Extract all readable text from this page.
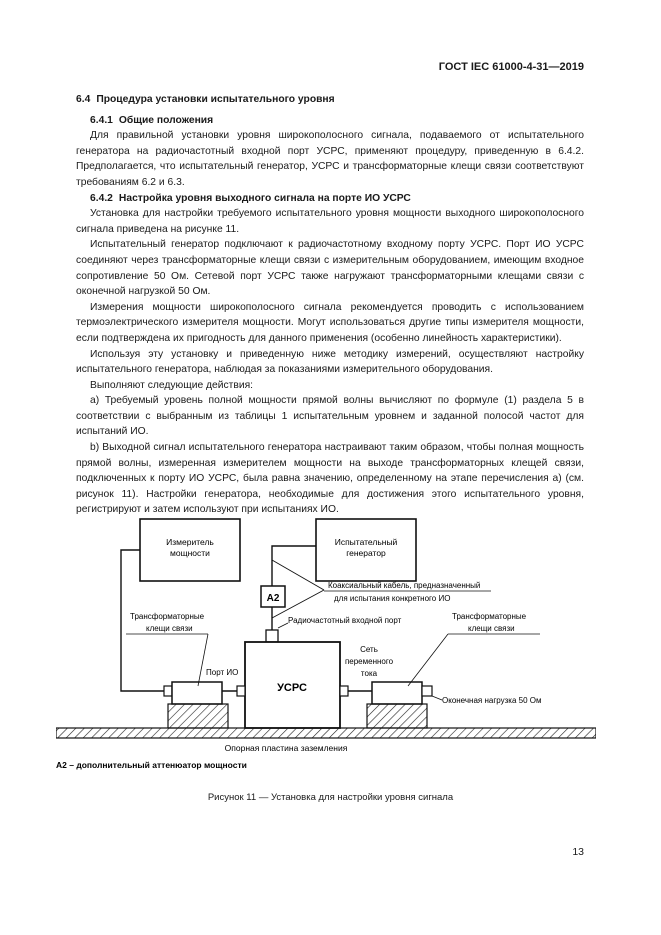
ГОСТ IEC 61000-4-31—2019

6.4 Процедура установки испытательного уровня

6.4.1 Общие положения

Для правильной установки уровня широкополосного сигнала, подаваемого от испытательного генератора на радиочастотный входной порт УСРС, применяют процедуру, приведенную в 6.4.2. Предполагается, что испытательный генератор, УСРС и трансформаторные клещи связи соответствуют требованиям 6.2 и 6.3.

6.4.2 Настройка уровня выходного сигнала на порте ИО УСРС

Установка для настройки требуемого испытательного уровня мощности выходного широкополосного сигнала приведена на рисунке 11.

Испытательный генератор подключают к радиочастотному входному порту УСРС. Порт ИО УСРС соединяют через трансформаторные клещи связи с измерительным оборудованием, имеющим входное сопротивление 50 Ом. Сетевой порт УСРС также нагружают трансформаторными клещами связи с оконечной нагрузкой 50 Ом.

Измерения мощности широкополосного сигнала рекомендуется проводить с использованием термоэлектрического измерителя мощности. Могут использоваться другие типы измерителя мощности, если подтверждена их пригодность для данного применения (особенно линейность характеристики).

Используя эту установку и приведенную ниже методику измерений, осуществляют настройку испытательного генератора, наблюдая за показаниями измерительного оборудования.

Выполняют следующие действия:

a) Требуемый уровень полной мощности прямой волны вычисляют по формуле (1) раздела 5 в соответствии с выбранным из таблицы 1 испытательным уровнем и заданной полосой частот для испытаний ИО.

b) Выходной сигнал испытательного генератора настраивают таким образом, чтобы полная мощность прямой волны, измеренная измерителем мощности на выходе трансформаторных клещей связи, подключенных к порту ИО УСРС, была равна значению, определенному на этапе перечисления a) (см. рисунок 11). Настройки генератора, необходимые для достижения этого испытательного уровня, регистрируют и затем используют при испытаниях ИО.

Измеритель
мощности
Испытательный
генератор
A2
Коаксиальный кабель, предназначенный
для испытания конкретного ИО
Радиочастотный входной порт
УСРС
Порт ИО
Трансформаторные
клещи связи
Сеть
переменного
тока
Трансформаторные
клещи связи
Оконечная нагрузка 50 Ом
Опорная пластина заземления
A2 – дополнительный аттенюатор мощности
Рисунок 11 — Установка для настройки уровня сигнала
13
